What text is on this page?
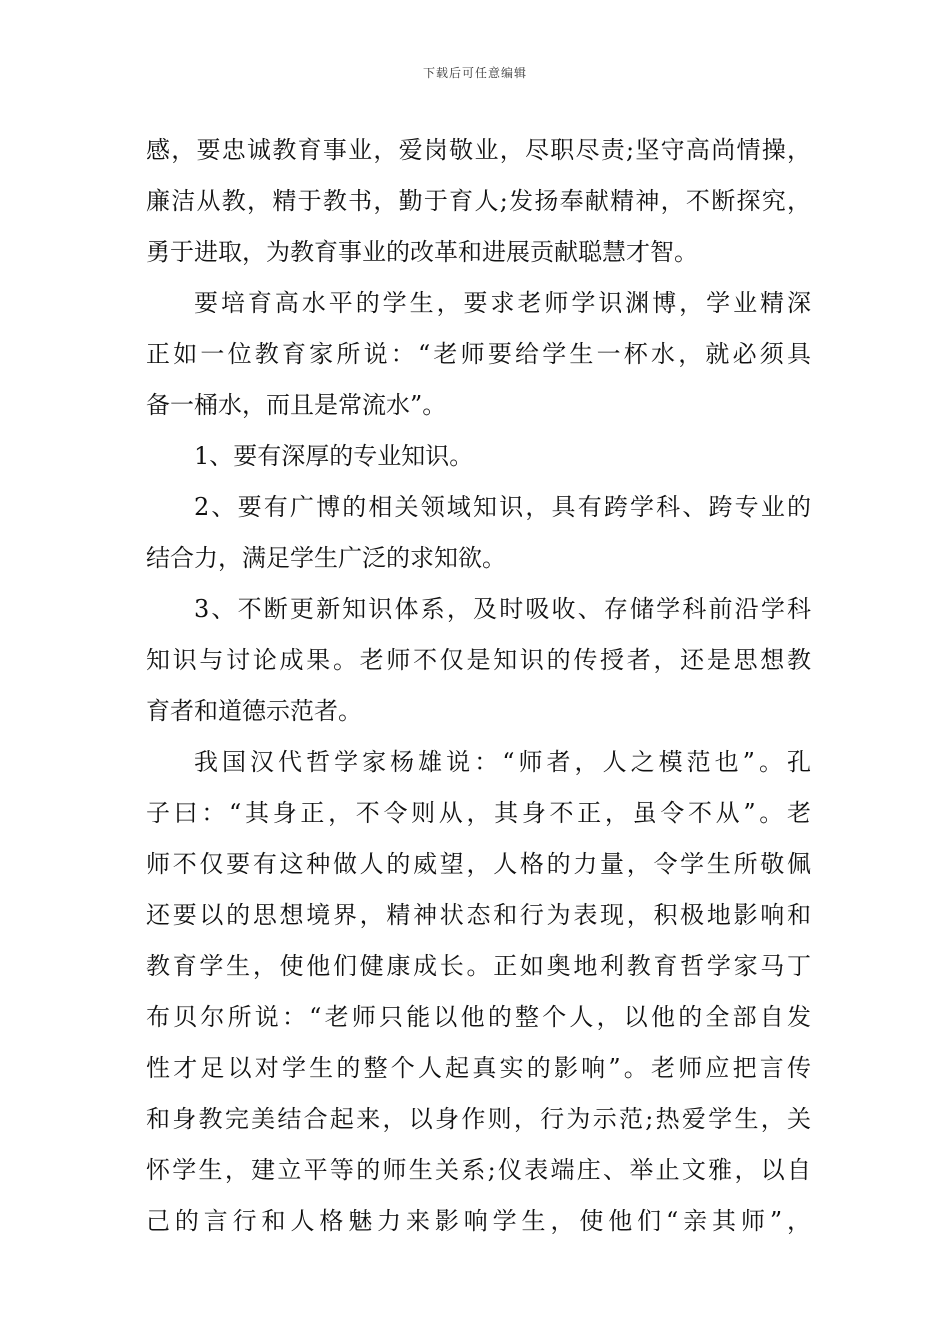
下载后可任意编辑
感，要忠诚教育事业，爱岗敬业，尽职尽责;坚守高尚情操，
廉洁从教，精于教书，勤于育人;发扬奉献精神，不断探究，
勇于进取，为教育事业的改革和进展贡献聪慧才智。
要培育高水平的学生，要求老师学识渊博，学业精深
正如一位教育家所说：“老师要给学生一杯水，就必须具
备一桶水，而且是常流水”。
1、要有深厚的专业知识。
2、要有广博的相关领域知识，具有跨学科、跨专业的
结合力，满足学生广泛的求知欲。
3、不断更新知识体系，及时吸收、存储学科前沿学科
知识与讨论成果。老师不仅是知识的传授者，还是思想教
育者和道德示范者。
我国汉代哲学家杨雄说：“师者，人之模范也”。孔
子曰：“其身正，不令则从，其身不正，虽令不从”。老
师不仅要有这种做人的威望，人格的力量，令学生所敬佩
还要以的思想境界，精神状态和行为表现，积极地影响和
教育学生，使他们健康成长。正如奥地利教育哲学家马丁
布贝尔所说：“老师只能以他的整个人，以他的全部自发
性才足以对学生的整个人起真实的影响”。老师应把言传
和身教完美结合起来，以身作则，行为示范;热爱学生，关
怀学生，建立平等的师生关系;仪表端庄、举止文雅，以自
己的言行和人格魅力来影响学生，使他们“亲其师”，
